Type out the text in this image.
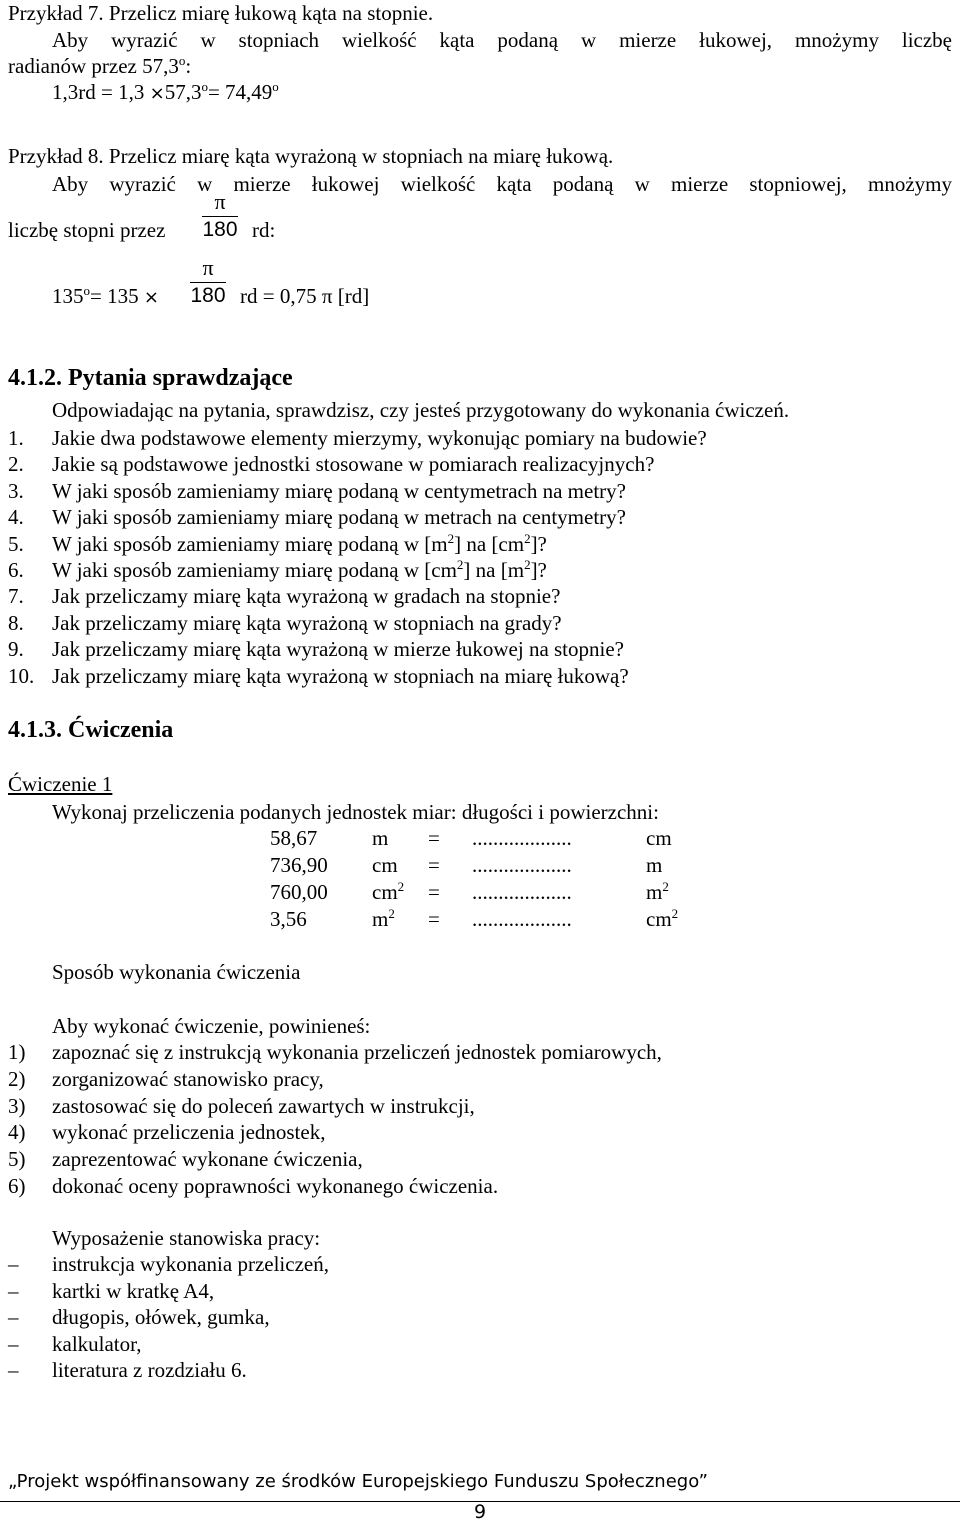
Przykład 7. Przelicz miarę łukową kąta na stopnie.
Aby wyrazić w stopniach wielkość kąta podaną w mierze łukowej, mnożymy liczbę
radianów przez 57,3$^o$:
$1,3rd = 1,3 \times 57,3^o= 74,49^o$
Przykład 8. Przelicz miarę kąta wyrażoną w stopniach na miarę łukową.
Aby wyrazić w mierze łukowej wielkość kąta podaną w mierze stopniowej, mnożymy
liczbę stopni przez
π
180 rd:
$135^o= 135$ ×
π
180 rd = 0,75 π [rd]
4.1.2. Pytania sprawdzające
Odpowiadając na pytania, sprawdzisz, czy jesteś przygotowany do wykonania ćwiczeń.
1. Jakie dwa podstawowe elementy mierzymy, wykonując pomiary na budowie?
2. Jakie są podstawowe jednostki stosowane w pomiarach realizacyjnych?
3. W jaki sposób zamieniamy miarę podaną w centymetrach na metry?
4. W jaki sposób zamieniamy miarę podaną w metrach na centymetry?
5. W jaki sposób zamieniamy miarę podaną w $[m^2]$ na $[cm^2]$?
6. W jaki sposób zamieniamy miarę podaną w $[cm^2]$ na $[m^2]$?
7. Jak przeliczamy miarę kąta wyrażoną w gradach na stopnie?
8. Jak przeliczamy miarę kąta wyrażoną w stopniach na grady?
9. Jak przeliczamy miarę kąta wyrażoną w mierze łukowej na stopnie?
10. Jak przeliczamy miarę kąta wyrażoną w stopniach na miarę łukową?
4.1.3. Ćwiczenia
Ćwiczenie 1
Wykonaj przeliczenia podanych jednostek miar: długości i powierzchni:
58,67	m = ...................	cm
736,90 cm = ...................	m
760,00 $cm^2$ = ...................	$m^2$
3,56	$m^2$ = ...................	$cm^2$
Sposób wykonania ćwiczenia
Aby wykonać ćwiczenie, powinieneś:
1) zapoznać się z instrukcją wykonania przeliczeń jednostek pomiarowych,
2) zorganizować stanowisko pracy,
3) zastosować się do poleceń zawartych w instrukcji,
4) wykonać przeliczenia jednostek,
5) zaprezentować wykonane ćwiczenia,
6) dokonać oceny poprawności wykonanego ćwiczenia.
Wyposażenie stanowiska pracy:
– instrukcja wykonania przeliczeń,
– kartki w kratkę A4,
– długopis, ołówek, gumka,
– kalkulator,
– literatura z rozdziału 6.
„Projekt współfinansowany ze środków Europejskiego Funduszu Społecznego”
9
